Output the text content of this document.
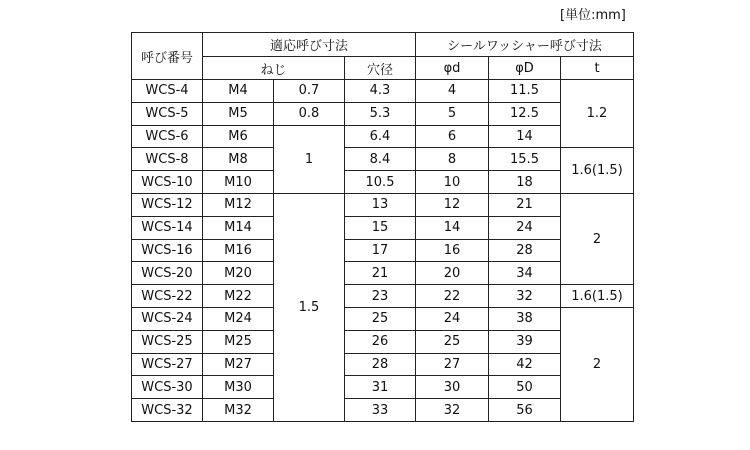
[単位:mm]
呼び番号	適応呼び寸法			シールワッシャー呼び寸法		
	ねじ		穴径	φd	φD	t
WCS-4	M4	0.7	4.3	4	11.5	1.2
WCS-5	M5	0.8	5.3	5	12.5	
WCS-6	M6	1	6.4	6	14	
WCS-8	M8		8.4	8	15.5	1.6(1.5)
WCS-10	M10		10.5	10	18	
WCS-12	M12	1.5	13	12	21	2
WCS-14	M14		15	14	24	
WCS-16	M16		17	16	28	
WCS-20	M20		21	20	34	
WCS-22	M22		23	22	32	1.6(1.5)
WCS-24	M24		25	24	38	2
WCS-25	M25		26	25	39	
WCS-27	M27		28	27	42	
WCS-30	M30		31	30	50	
WCS-32	M32		33	32	56	
